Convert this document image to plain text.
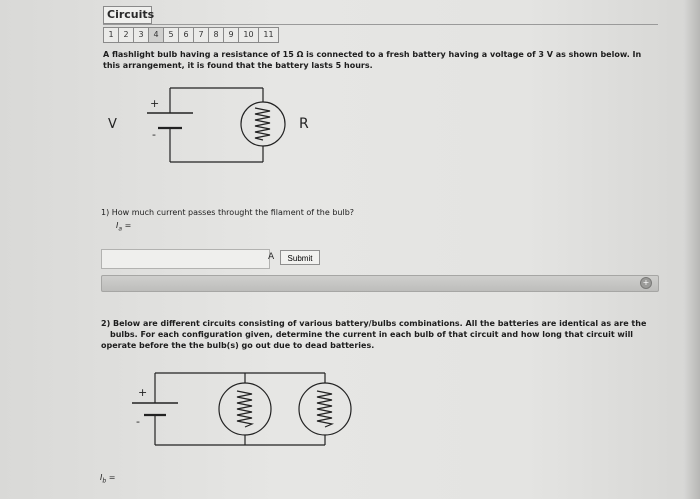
Circuits
1	2	3	4	5	6	7	8	9	10	11
A flashlight bulb having a resistance of 15 Ω is connected to a fresh battery having a voltage of 3 V as shown below. In
this arrangement, it is found that the battery lasts 5 hours.
+
-
V	R
1) How much current passes throught the filament of the bulb?
$I_a$ =
A	Submit
+
2) Below are different circuits consisting of various battery/bulbs combinations. All the batteries are identical as are the
bulbs. For each configuration given, determine the current in each bulb of that circuit and how long that circuit will
operate before the the bulb(s) go out due to dead batteries.
+
-
$I_b$ =
